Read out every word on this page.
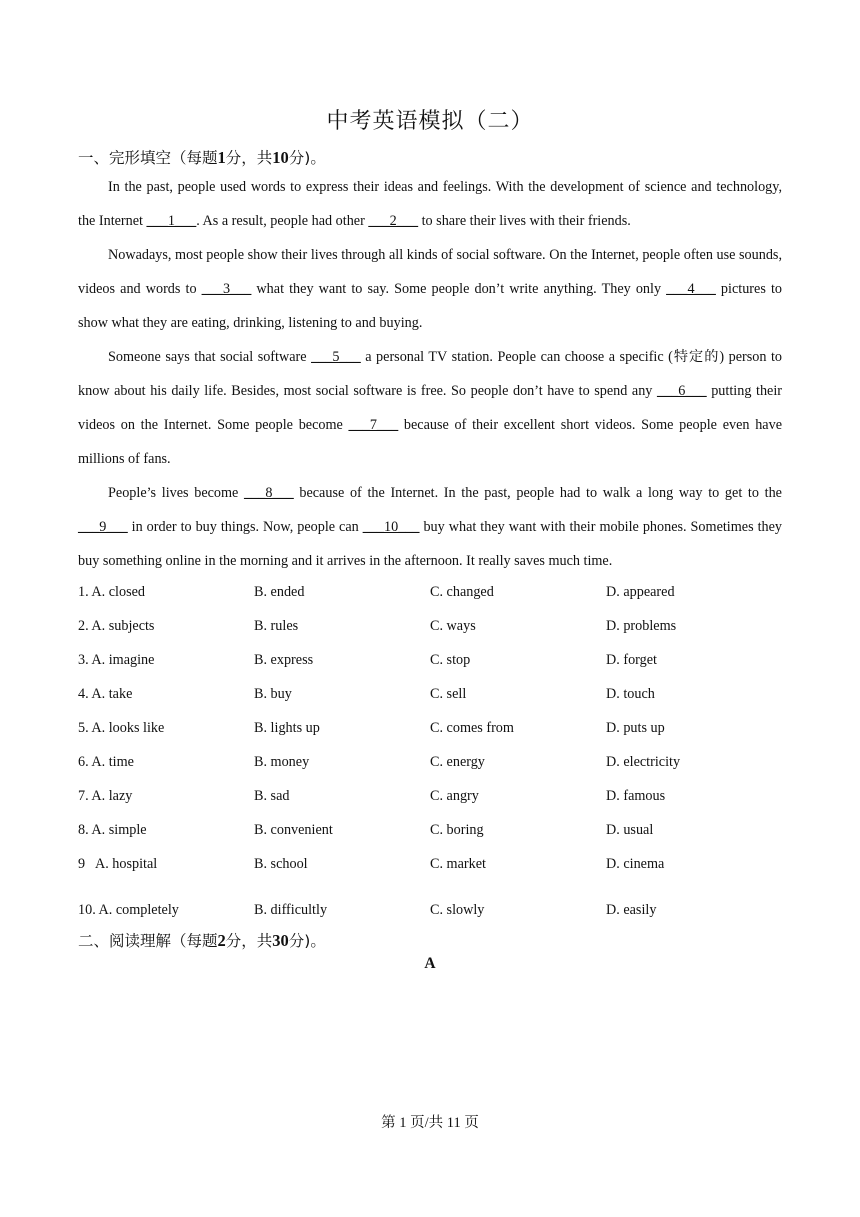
中考英语模拟（二）
一、完形填空（每题1分，共10分)。

In the past, people used words to express their ideas and feelings. With the development of science and technology, the Internet ___1___. As a result, people had other ___2___ to share their lives with their friends.

Nowadays, most people show their lives through all kinds of social software. On the Internet, people often use sounds, videos and words to ___3___ what they want to say. Some people don’t write anything. They only ___4___ pictures to show what they are eating, drinking, listening to and buying.

Someone says that social software ___5___ a personal TV station. People can choose a specific (特定的) person to know about his daily life. Besides, most social software is free. So people don’t have to spend any ___6___ putting their videos on the Internet. Some people become ___7___ because of their excellent short videos. Some people even have millions of fans.

People’s lives become ___8___ because of the Internet. In the past, people had to walk a long way to get to the ___9___ in order to buy things. Now, people can ___10___ buy what they want with their mobile phones. Sometimes they buy something online in the morning and it arrives in the afternoon. It really saves much time.

1. A. closed	B. ended	C. changed	D. appeared
2. A. subjects	B. rules	C. ways	D. problems
3. A. imagine	B. express	C. stop	D. forget
4. A. take	B. buy	C. sell	D. touch
5. A. looks like	B. lights up	C. comes from	D. puts up
6. A. time	B. money	C. energy	D. electricity
7. A. lazy	B. sad	C. angry	D. famous
8. A. simple	B. convenient	C. boring	D. usual
9   A. hospital	B. school	C. market	D. cinema
10. A. completely	B. difficultly	C. slowly	D. easily
二、阅读理解（每题2分，共30分)。
A
第 1 页/共 11 页
